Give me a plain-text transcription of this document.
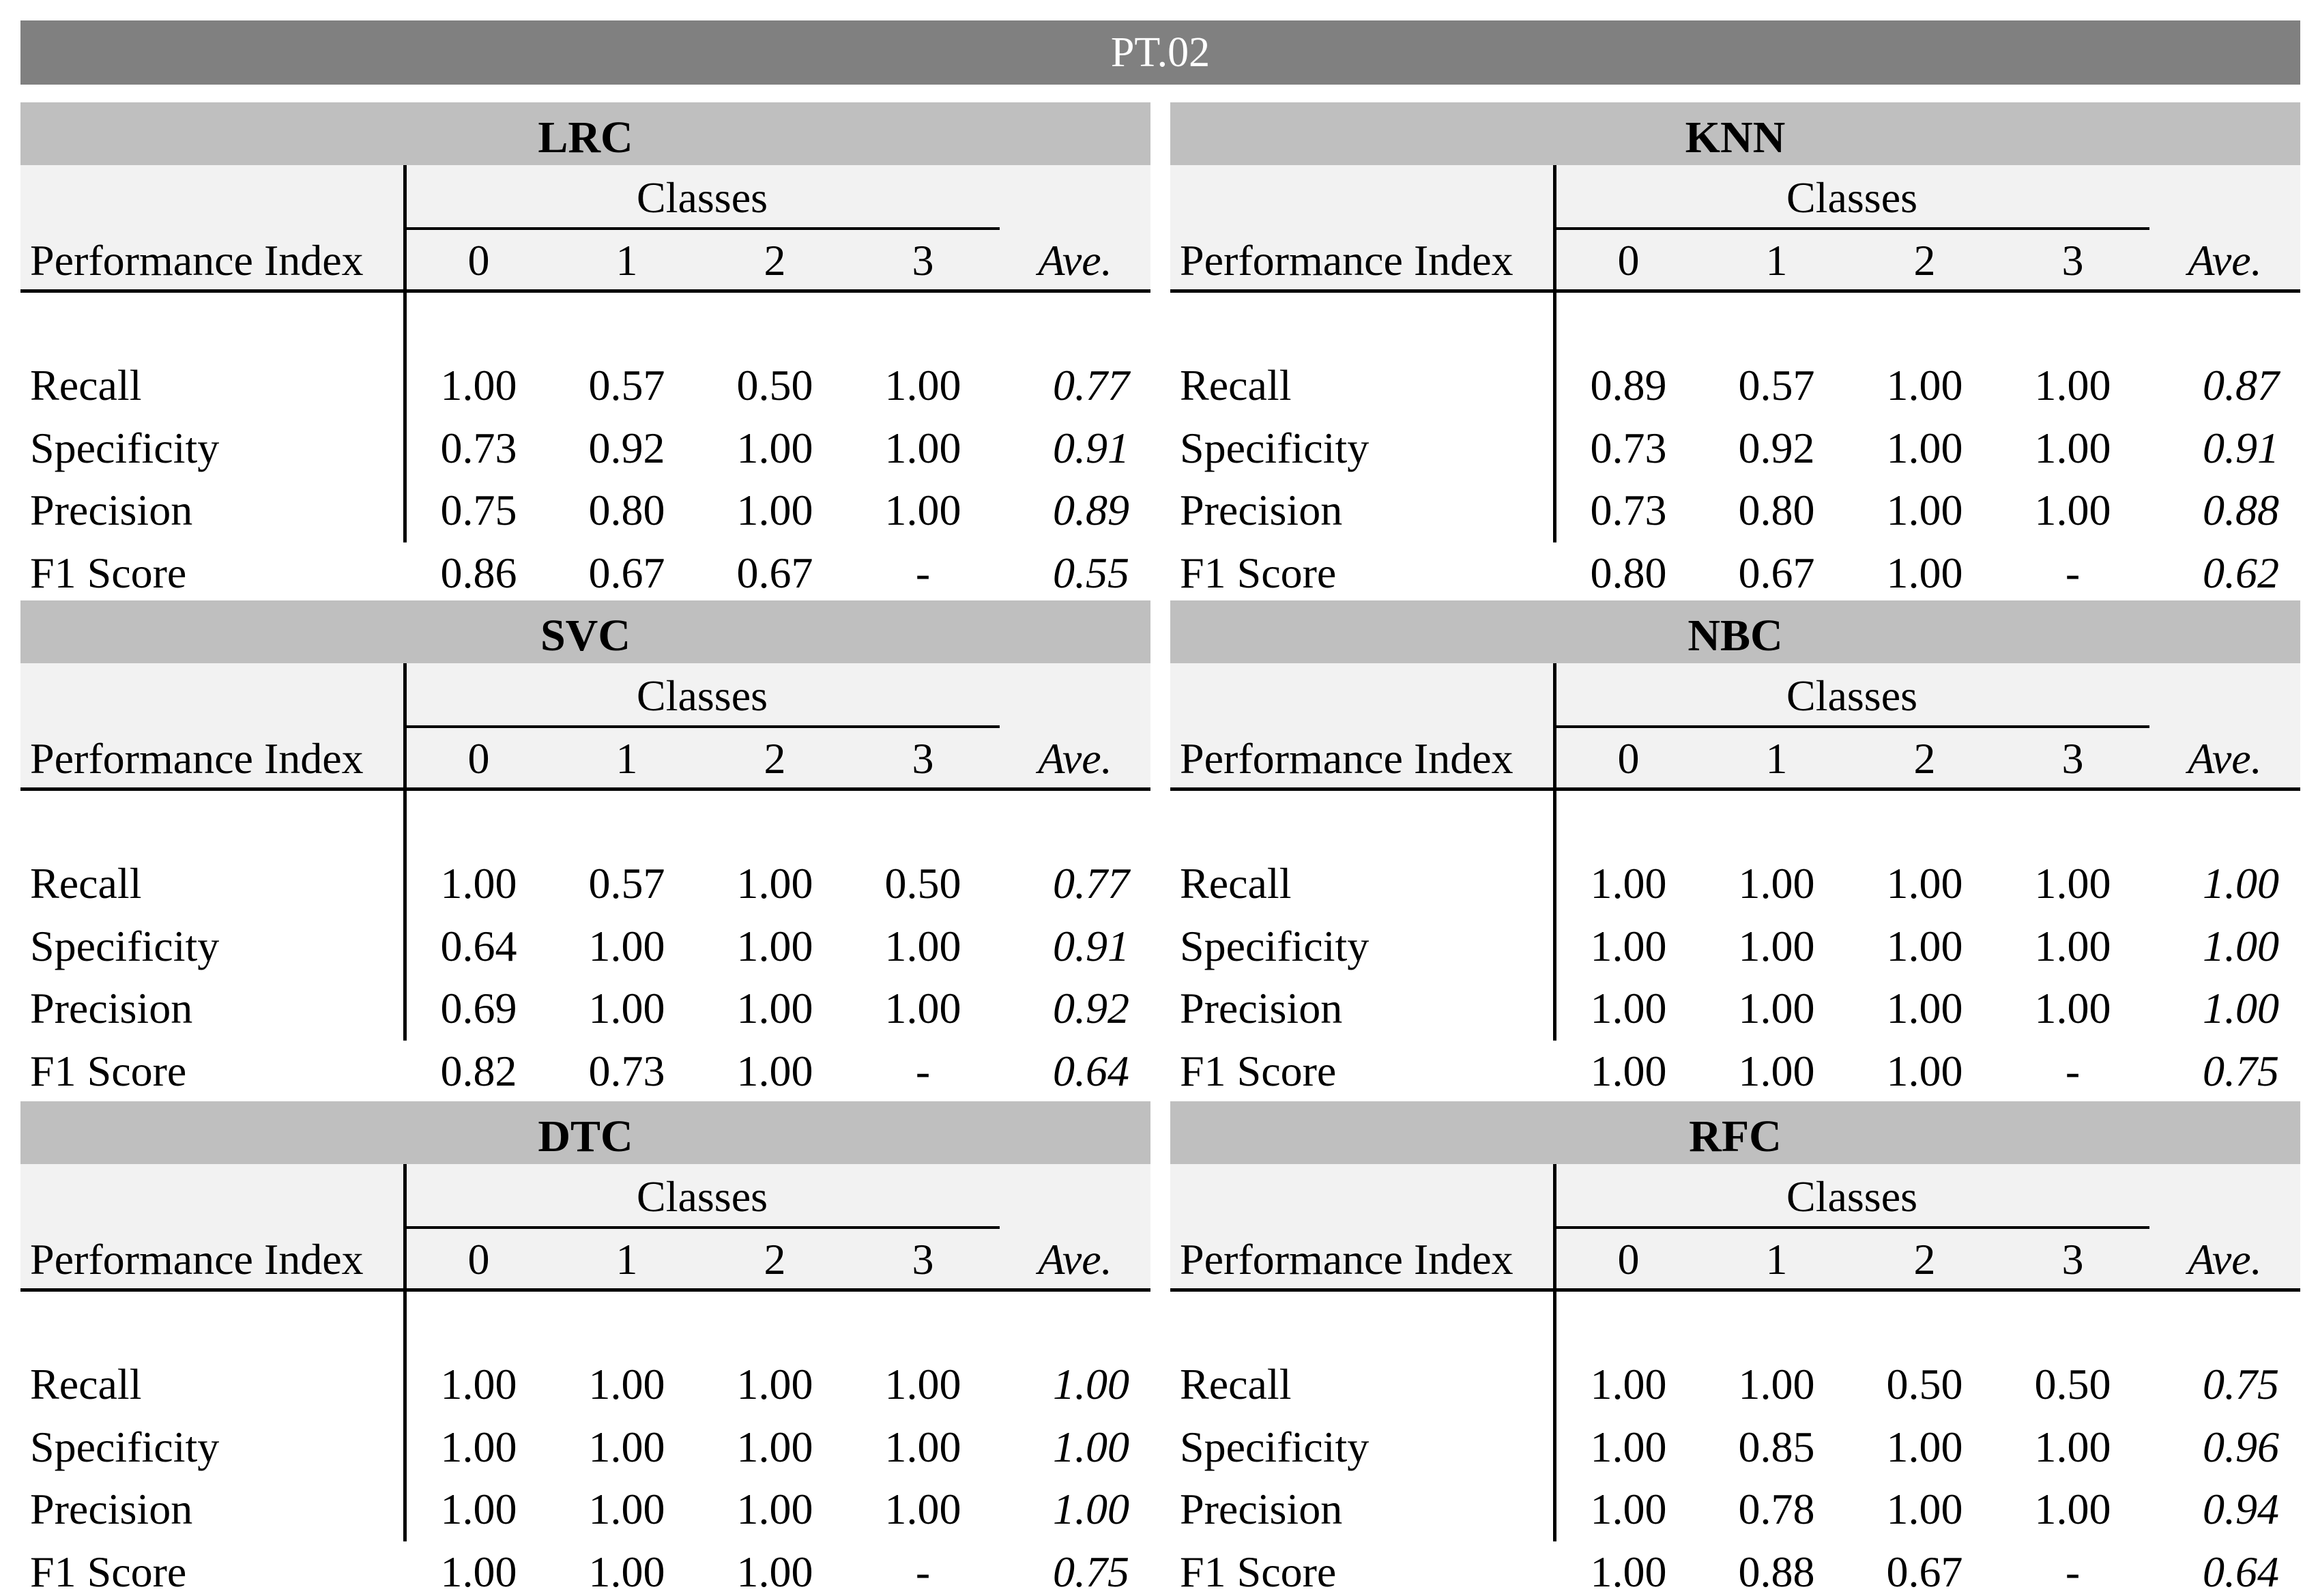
PT.02
LRC
Performance Index
Classes
0	1	2	3	Ave.
Recall	1.00	0.57	0.50	1.00	0.77
Specificity	0.73	0.92	1.00	1.00	0.91
Precision	0.75	0.80	1.00	1.00	0.89
F1 Score	0.86	0.67	0.67	-	0.55
KNN
Performance Index
Classes
0	1	2	3	Ave.
Recall	0.89	0.57	1.00	1.00	0.87
Specificity	0.73	0.92	1.00	1.00	0.91
Precision	0.73	0.80	1.00	1.00	0.88
F1 Score	0.80	0.67	1.00	-	0.62
SVC
Performance Index
Classes
0	1	2	3	Ave.
Recall	1.00	0.57	1.00	0.50	0.77
Specificity	0.64	1.00	1.00	1.00	0.91
Precision	0.69	1.00	1.00	1.00	0.92
F1 Score	0.82	0.73	1.00	-	0.64
NBC
Performance Index
Classes
0	1	2	3	Ave.
Recall	1.00	1.00	1.00	1.00	1.00
Specificity	1.00	1.00	1.00	1.00	1.00
Precision	1.00	1.00	1.00	1.00	1.00
F1 Score	1.00	1.00	1.00	-	0.75
DTC
Performance Index
Classes
0	1	2	3	Ave.
Recall	1.00	1.00	1.00	1.00	1.00
Specificity	1.00	1.00	1.00	1.00	1.00
Precision	1.00	1.00	1.00	1.00	1.00
F1 Score	1.00	1.00	1.00	-	0.75
RFC
Performance Index
Classes
0	1	2	3	Ave.
Recall	1.00	1.00	0.50	0.50	0.75
Specificity	1.00	0.85	1.00	1.00	0.96
Precision	1.00	0.78	1.00	1.00	0.94
F1 Score	1.00	0.88	0.67	-	0.64
